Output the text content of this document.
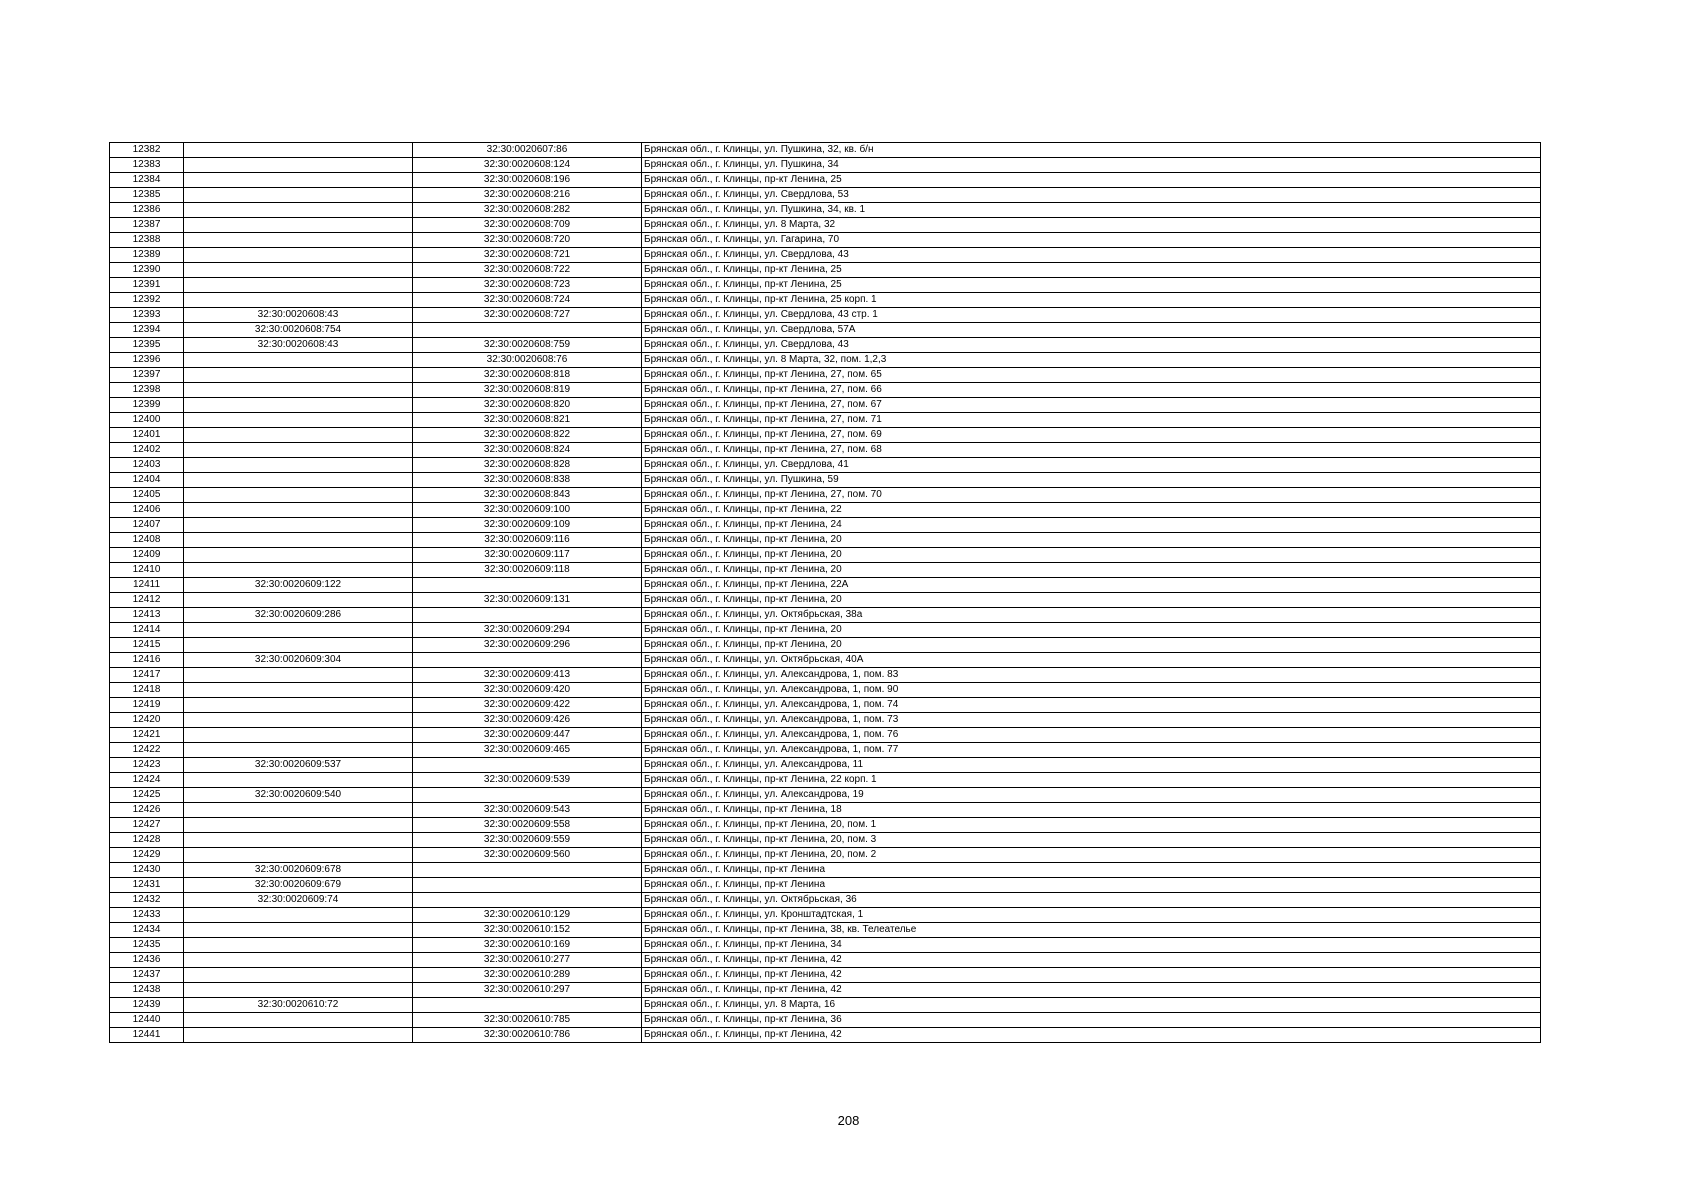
12382		32:30:0020607:86	Брянская обл., г. Клинцы, ул. Пушкина, 32, кв. б/н
12383		32:30:0020608:124	Брянская обл., г. Клинцы, ул. Пушкина, 34
12384		32:30:0020608:196	Брянская обл., г. Клинцы, пр-кт Ленина, 25
12385		32:30:0020608:216	Брянская обл., г. Клинцы, ул. Свердлова, 53
12386		32:30:0020608:282	Брянская обл., г. Клинцы, ул. Пушкина, 34, кв. 1
12387		32:30:0020608:709	Брянская обл., г. Клинцы, ул. 8 Марта, 32
12388		32:30:0020608:720	Брянская обл., г. Клинцы, ул. Гагарина, 70
12389		32:30:0020608:721	Брянская обл., г. Клинцы, ул. Свердлова, 43
12390		32:30:0020608:722	Брянская обл., г. Клинцы, пр-кт Ленина, 25
12391		32:30:0020608:723	Брянская обл., г. Клинцы, пр-кт Ленина, 25
12392		32:30:0020608:724	Брянская обл., г. Клинцы, пр-кт Ленина, 25 корп. 1
12393	32:30:0020608:43	32:30:0020608:727	Брянская обл., г. Клинцы, ул. Свердлова, 43 стр. 1
12394	32:30:0020608:754		Брянская обл., г. Клинцы, ул. Свердлова, 57А
12395	32:30:0020608:43	32:30:0020608:759	Брянская обл., г. Клинцы, ул. Свердлова, 43
12396		32:30:0020608:76	Брянская обл., г. Клинцы, ул. 8 Марта, 32, пом. 1,2,3
12397		32:30:0020608:818	Брянская обл., г. Клинцы, пр-кт Ленина, 27, пом. 65
12398		32:30:0020608:819	Брянская обл., г. Клинцы, пр-кт Ленина, 27, пом. 66
12399		32:30:0020608:820	Брянская обл., г. Клинцы, пр-кт Ленина, 27, пом. 67
12400		32:30:0020608:821	Брянская обл., г. Клинцы, пр-кт Ленина, 27, пом. 71
12401		32:30:0020608:822	Брянская обл., г. Клинцы, пр-кт Ленина, 27, пом. 69
12402		32:30:0020608:824	Брянская обл., г. Клинцы, пр-кт Ленина, 27, пом. 68
12403		32:30:0020608:828	Брянская обл., г. Клинцы, ул. Свердлова, 41
12404		32:30:0020608:838	Брянская обл., г. Клинцы, ул. Пушкина, 59
12405		32:30:0020608:843	Брянская обл., г. Клинцы, пр-кт Ленина, 27, пом. 70
12406		32:30:0020609:100	Брянская обл., г. Клинцы, пр-кт Ленина, 22
12407		32:30:0020609:109	Брянская обл., г. Клинцы, пр-кт Ленина, 24
12408		32:30:0020609:116	Брянская обл., г. Клинцы, пр-кт Ленина, 20
12409		32:30:0020609:117	Брянская обл., г. Клинцы, пр-кт Ленина, 20
12410		32:30:0020609:118	Брянская обл., г. Клинцы, пр-кт Ленина, 20
12411	32:30:0020609:122		Брянская обл., г. Клинцы, пр-кт Ленина, 22А
12412		32:30:0020609:131	Брянская обл., г. Клинцы, пр-кт Ленина, 20
12413	32:30:0020609:286		Брянская обл., г. Клинцы, ул. Октябрьская, 38а
12414		32:30:0020609:294	Брянская обл., г. Клинцы, пр-кт Ленина, 20
12415		32:30:0020609:296	Брянская обл., г. Клинцы, пр-кт Ленина, 20
12416	32:30:0020609:304		Брянская обл., г. Клинцы, ул. Октябрьская, 40А
12417		32:30:0020609:413	Брянская обл., г. Клинцы, ул. Александрова, 1, пом. 83
12418		32:30:0020609:420	Брянская обл., г. Клинцы, ул. Александрова, 1, пом. 90
12419		32:30:0020609:422	Брянская обл., г. Клинцы, ул. Александрова, 1, пом. 74
12420		32:30:0020609:426	Брянская обл., г. Клинцы, ул. Александрова, 1, пом. 73
12421		32:30:0020609:447	Брянская обл., г. Клинцы, ул. Александрова, 1, пом. 76
12422		32:30:0020609:465	Брянская обл., г. Клинцы, ул. Александрова, 1, пом. 77
12423	32:30:0020609:537		Брянская обл., г. Клинцы, ул. Александрова, 11
12424		32:30:0020609:539	Брянская обл., г. Клинцы, пр-кт Ленина, 22 корп. 1
12425	32:30:0020609:540		Брянская обл., г. Клинцы, ул. Александрова, 19
12426		32:30:0020609:543	Брянская обл., г. Клинцы, пр-кт Ленина, 18
12427		32:30:0020609:558	Брянская обл., г. Клинцы, пр-кт Ленина, 20, пом. 1
12428		32:30:0020609:559	Брянская обл., г. Клинцы, пр-кт Ленина, 20, пом. 3
12429		32:30:0020609:560	Брянская обл., г. Клинцы, пр-кт Ленина, 20, пом. 2
12430	32:30:0020609:678		Брянская обл., г. Клинцы, пр-кт Ленина
12431	32:30:0020609:679		Брянская обл., г. Клинцы, пр-кт Ленина
12432	32:30:0020609:74		Брянская обл., г. Клинцы, ул. Октябрьская, 36
12433		32:30:0020610:129	Брянская обл., г. Клинцы, ул. Кронштадтская, 1
12434		32:30:0020610:152	Брянская обл., г. Клинцы, пр-кт Ленина, 38, кв. Телеателье
12435		32:30:0020610:169	Брянская обл., г. Клинцы, пр-кт Ленина, 34
12436		32:30:0020610:277	Брянская обл., г. Клинцы, пр-кт Ленина, 42
12437		32:30:0020610:289	Брянская обл., г. Клинцы, пр-кт Ленина, 42
12438		32:30:0020610:297	Брянская обл., г. Клинцы, пр-кт Ленина, 42
12439	32:30:0020610:72		Брянская обл., г. Клинцы, ул. 8 Марта, 16
12440		32:30:0020610:785	Брянская обл., г. Клинцы, пр-кт Ленина, 36
12441		32:30:0020610:786	Брянская обл., г. Клинцы, пр-кт Ленина, 42
208
